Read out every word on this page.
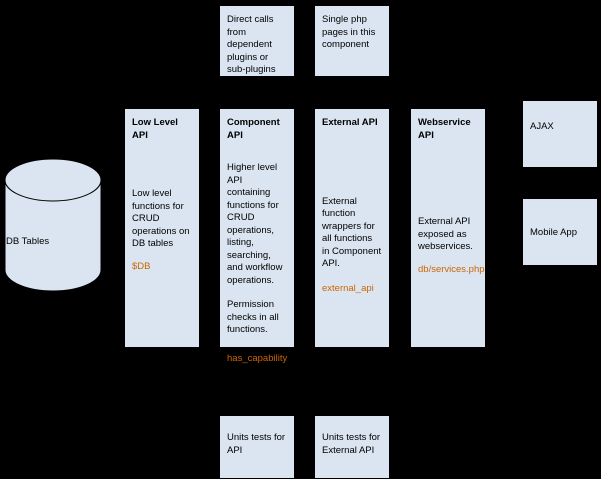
DB Tables
Direct calls from dependent plugins or sub-plugins
Single php pages in this component
Low Level API
Low level functions for CRUD operations on DB tables
$DB
Component API
Higher level API containing functions for CRUD operations, listing, searching, and workflow operations.
Permission checks in all functions.
has_capability
External API
External function wrappers for all functions in Component API.
external_api
Webservice API
External API exposed as webservices.
db/services.php
AJAX
Mobile App
Units tests for API
Units tests for External API
